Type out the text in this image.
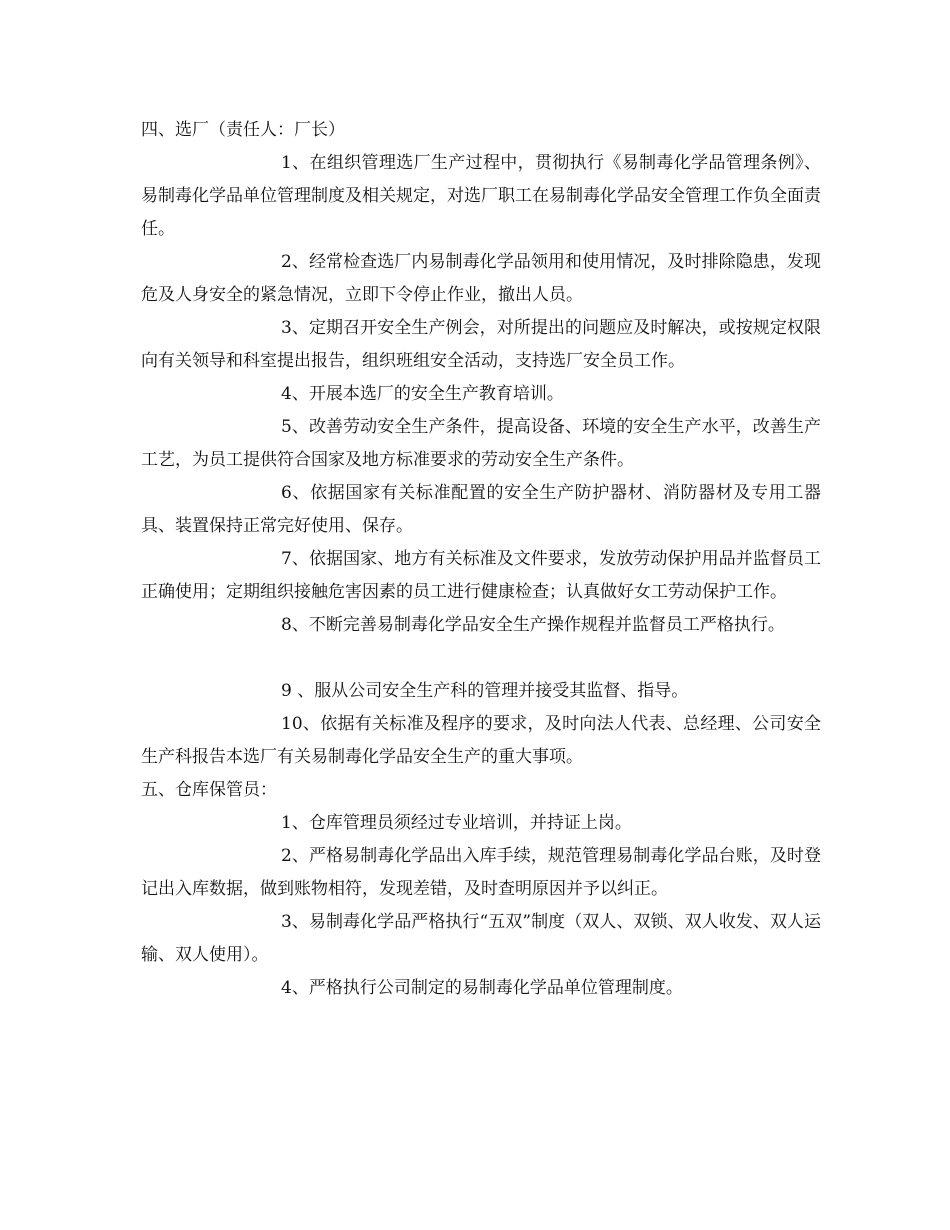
四、选厂（责任人：厂长）

1、在组织管理选厂生产过程中，贯彻执行《易制毒化学品管理条例》、易制毒化学品单位管理制度及相关规定，对选厂职工在易制毒化学品安全管理工作负全面责任。

2、经常检查选厂内易制毒化学品领用和使用情况，及时排除隐患，发现危及人身安全的紧急情况，立即下令停止作业，撤出人员。

3、定期召开安全生产例会，对所提出的问题应及时解决，或按规定权限向有关领导和科室提出报告，组织班组安全活动，支持选厂安全员工作。

4、开展本选厂的安全生产教育培训。

5、改善劳动安全生产条件，提高设备、环境的安全生产水平，改善生产工艺，为员工提供符合国家及地方标准要求的劳动安全生产条件。

6、依据国家有关标准配置的安全生产防护器材、消防器材及专用工器具、装置保持正常完好使用、保存。

7、依据国家、地方有关标准及文件要求，发放劳动保护用品并监督员工正确使用；定期组织接触危害因素的员工进行健康检查；认真做好女工劳动保护工作。

8、不断完善易制毒化学品安全生产操作规程并监督员工严格执行。

9 、服从公司安全生产科的管理并接受其监督、指导。

10、依据有关标准及程序的要求，及时向法人代表、总经理、公司安全生产科报告本选厂有关易制毒化学品安全生产的重大事项。

五、仓库保管员：

1、仓库管理员须经过专业培训，并持证上岗。

2、严格易制毒化学品出入库手续，规范管理易制毒化学品台账，及时登记出入库数据，做到账物相符，发现差错，及时查明原因并予以纠正。

3、易制毒化学品严格执行“五双”制度（双人、双锁、双人收发、双人运输、双人使用）。

4、严格执行公司制定的易制毒化学品单位管理制度。
